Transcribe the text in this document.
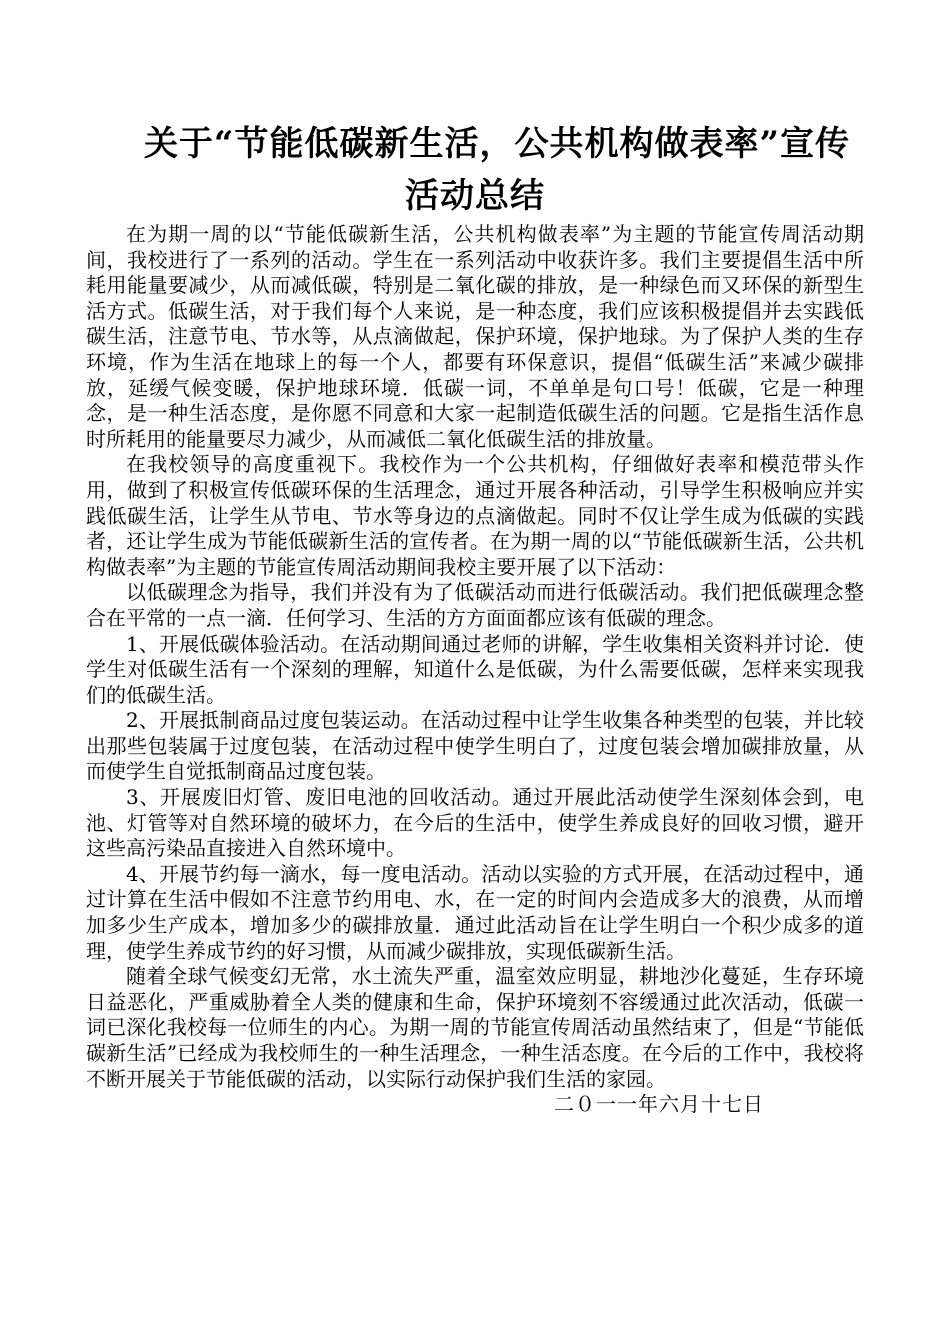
关于“节能低碳新生活，公共机构做表率”宣传
活动总结

在为期一周的以“节能低碳新生活，公共机构做表率”为主题的节能宣传周活动期间，我校进行了一系列的活动。学生在一系列活动中收获许多。我们主要提倡生活中所耗用能量要减少，从而减低碳，特别是二氧化碳的排放，是一种绿色而又环保的新型生活方式。低碳生活，对于我们每个人来说，是一种态度，我们应该积极提倡并去实践低碳生活，注意节电、节水等，从点滴做起，保护环境，保护地球。为了保护人类的生存环境，作为生活在地球上的每一个人，都要有环保意识，提倡“低碳生活”来减少碳排放，延缓气候变暖，保护地球环境．低碳一词，不单单是句口号！低碳，它是一种理念，是一种生活态度，是你愿不同意和大家一起制造低碳生活的问题。它是指生活作息时所耗用的能量要尽力减少，从而减低二氧化低碳生活的排放量。

在我校领导的高度重视下。我校作为一个公共机构，仔细做好表率和模范带头作用，做到了积极宣传低碳环保的生活理念，通过开展各种活动，引导学生积极响应并实践低碳生活，让学生从节电、节水等身边的点滴做起。同时不仅让学生成为低碳的实践者，还让学生成为节能低碳新生活的宣传者。在为期一周的以“节能低碳新生活，公共机构做表率”为主题的节能宣传周活动期间我校主要开展了以下活动：

以低碳理念为指导，我们并没有为了低碳活动而进行低碳活动。我们把低碳理念整合在平常的一点一滴．任何学习、生活的方方面面都应该有低碳的理念。

1、开展低碳体验活动。在活动期间通过老师的讲解，学生收集相关资料并讨论．使学生对低碳生活有一个深刻的理解，知道什么是低碳，为什么需要低碳，怎样来实现我们的低碳生活。

2、开展抵制商品过度包装运动。在活动过程中让学生收集各种类型的包装，并比较出那些包装属于过度包装，在活动过程中使学生明白了，过度包装会增加碳排放量，从而使学生自觉抵制商品过度包装。

3、开展废旧灯管、废旧电池的回收活动。通过开展此活动使学生深刻体会到，电池、灯管等对自然环境的破坏力，在今后的生活中，使学生养成良好的回收习惯，避开这些高污染品直接进入自然环境中。

4、开展节约每一滴水，每一度电活动。活动以实验的方式开展，在活动过程中，通过计算在生活中假如不注意节约用电、水，在一定的时间内会造成多大的浪费，从而增加多少生产成本，增加多少的碳排放量．通过此活动旨在让学生明白一个积少成多的道理，使学生养成节约的好习惯，从而减少碳排放，实现低碳新生活。

随着全球气候变幻无常，水土流失严重，温室效应明显，耕地沙化蔓延，生存环境日益恶化，严重威胁着全人类的健康和生命，保护环境刻不容缓通过此次活动，低碳一词已深化我校每一位师生的内心。为期一周的节能宣传周活动虽然结束了，但是“节能低碳新生活”已经成为我校师生的一种生活理念，一种生活态度。在今后的工作中，我校将不断开展关于节能低碳的活动，以实际行动保护我们生活的家园。

二０一一年六月十七日
